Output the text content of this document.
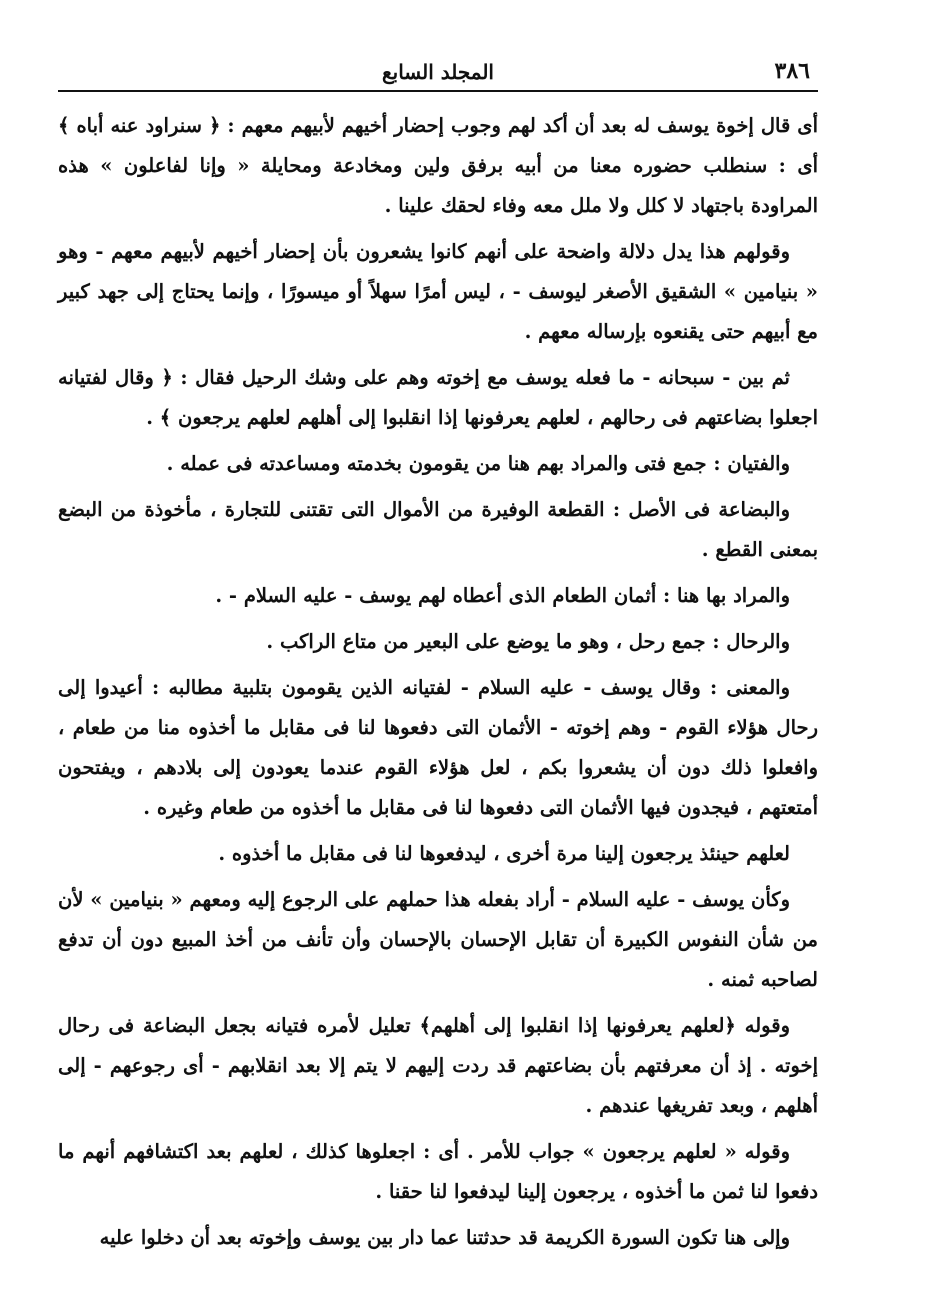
٣٨٦
المجلد السابع

أى قال إخوة يوسف له بعد أن أكد لهم وجوب إحضار أخيهم لأبيهم معهم : ﴿ سنراود عنه أباه ﴾ أى : سنطلب حضوره معنا من أبيه برفق ولين ومخادعة ومحايلة « وإنا لفاعلون » هذه المراودة باجتهاد لا كلل ولا ملل معه وفاء لحقك علينا .

وقولهم هذا يدل دلالة واضحة على أنهم كانوا يشعرون بأن إحضار أخيهم لأبيهم معهم - وهو « بنيامين » الشقيق الأصغر ليوسف - ، ليس أمرًا سهلاً أو ميسورًا ، وإنما يحتاج إلى جهد كبير مع أبيهم حتى يقنعوه بإرساله معهم .

ثم بين - سبحانه - ما فعله يوسف مع إخوته وهم على وشك الرحيل فقال : ﴿ وقال لفتيانه اجعلوا بضاعتهم فى رحالهم ، لعلهم يعرفونها إذا انقلبوا إلى أهلهم لعلهم يرجعون ﴾ .

والفتيان : جمع فتى والمراد بهم هنا من يقومون بخدمته ومساعدته فى عمله .

والبضاعة فى الأصل : القطعة الوفيرة من الأموال التى تقتنى للتجارة ، مأخوذة من البضع بمعنى القطع .

والمراد بها هنا : أثمان الطعام الذى أعطاه لهم يوسف - عليه السلام - .

والرحال : جمع رحل ، وهو ما يوضع على البعير من متاع الراكب .

والمعنى : وقال يوسف - عليه السلام - لفتيانه الذين يقومون بتلبية مطالبه : أعيدوا إلى رحال هؤلاء القوم - وهم إخوته - الأثمان التى دفعوها لنا فى مقابل ما أخذوه منا من طعام ، وافعلوا ذلك دون أن يشعروا بكم ، لعل هؤلاء القوم عندما يعودون إلى بلادهم ، ويفتحون أمتعتهم ، فيجدون فيها الأثمان التى دفعوها لنا فى مقابل ما أخذوه من طعام وغيره .

لعلهم حينئذ يرجعون إلينا مرة أخرى ، ليدفعوها لنا فى مقابل ما أخذوه .

وكأن يوسف - عليه السلام - أراد بفعله هذا حملهم على الرجوع إليه ومعهم « بنيامين » لأن من شأن النفوس الكبيرة أن تقابل الإحسان بالإحسان وأن تأنف من أخذ المبيع دون أن تدفع لصاحبه ثمنه .

وقوله ﴿لعلهم يعرفونها إذا انقلبوا إلى أهلهم﴾ تعليل لأمره فتيانه بجعل البضاعة فى رحال إخوته . إذ أن معرفتهم بأن بضاعتهم قد ردت إليهم لا يتم إلا بعد انقلابهم - أى رجوعهم - إلى أهلهم ، وبعد تفريغها عندهم .

وقوله « لعلهم يرجعون » جواب للأمر . أى : اجعلوها كذلك ، لعلهم بعد اكتشافهم أنهم ما دفعوا لنا ثمن ما أخذوه ، يرجعون إلينا ليدفعوا لنا حقنا .

وإلى هنا تكون السورة الكريمة قد حدثتنا عما دار بين يوسف وإخوته بعد أن دخلوا عليه
